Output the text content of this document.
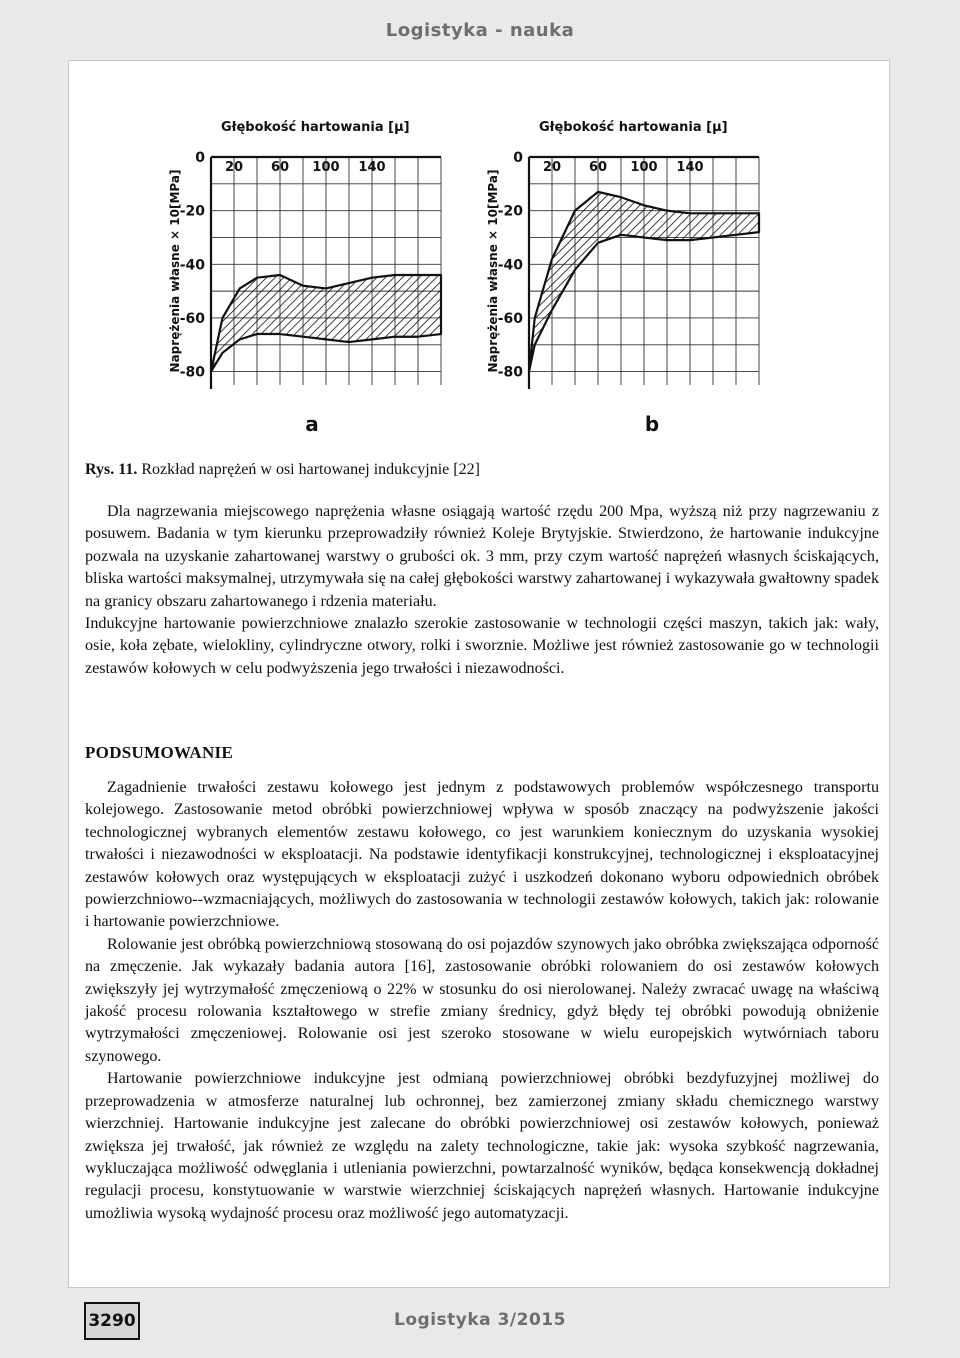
Logistyka - nauka
Głębokość hartowania [μ]
20 60 100 140
0
-20
-40
-60
-80
Naprężenia własne × 10[MPa]
a
Głębokość hartowania [μ]
20 60 100 140
0
-20
-40
-60
-80
Naprężenia własne × 10[MPa]
b
Rys. 11. Rozkład naprężeń w osi hartowanej indukcyjnie [22]

Dla nagrzewania miejscowego naprężenia własne osiągają wartość rzędu 200 Mpa, wyższą niż przy nagrzewaniu z posuwem. Badania w tym kierunku przeprowadziły również Koleje Brytyjskie. Stwierdzono, że hartowanie indukcyjne pozwala na uzyskanie zahartowanej warstwy o grubości ok. 3 mm, przy czym wartość naprężeń własnych ściskających, bliska wartości maksymalnej, utrzymywała się na całej głębokości warstwy zahartowanej i wykazywała gwałtowny spadek na granicy obszaru zahartowanego i rdzenia materiału.

Indukcyjne hartowanie powierzchniowe znalazło szerokie zastosowanie w technologii części maszyn, takich jak: wały, osie, koła zębate, wielokliny, cylindryczne otwory, rolki i sworznie. Możliwe jest również zastosowanie go w technologii zestawów kołowych w celu podwyższenia jego trwałości i niezawodności.

PODSUMOWANIE

Zagadnienie trwałości zestawu kołowego jest jednym z podstawowych problemów współczesnego transportu kolejowego. Zastosowanie metod obróbki powierzchniowej wpływa w sposób znaczący na podwyższenie jakości technologicznej wybranych elementów zestawu kołowego, co jest warunkiem koniecznym do uzyskania wysokiej trwałości i niezawodności w eksploatacji. Na podstawie identyfikacji konstrukcyjnej, technologicznej i eksploatacyjnej zestawów kołowych oraz występujących w eksploatacji zużyć i uszkodzeń dokonano wyboru odpowiednich obróbek powierzchniowo--wzmacniających, możliwych do zastosowania w technologii zestawów kołowych, takich jak: rolowanie i hartowanie powierzchniowe.

Rolowanie jest obróbką powierzchniową stosowaną do osi pojazdów szynowych jako obróbka zwiększająca odporność na zmęczenie. Jak wykazały badania autora [16], zastosowanie obróbki rolowaniem do osi zestawów kołowych zwiększyły jej wytrzymałość zmęczeniową o 22% w stosunku do osi nierolowanej. Należy zwracać uwagę na właściwą jakość procesu rolowania kształtowego w strefie zmiany średnicy, gdyż błędy tej obróbki powodują obniżenie wytrzymałości zmęczeniowej. Rolowanie osi jest szeroko stosowane w wielu europejskich wytwórniach taboru szynowego.

Hartowanie powierzchniowe indukcyjne jest odmianą powierzchniowej obróbki bezdyfuzyjnej możliwej do przeprowadzenia w atmosferze naturalnej lub ochronnej, bez zamierzonej zmiany składu chemicznego warstwy wierzchniej. Hartowanie indukcyjne jest zalecane do obróbki powierzchniowej osi zestawów kołowych, ponieważ zwiększa jej trwałość, jak również ze względu na zalety technologiczne, takie jak: wysoka szybkość nagrzewania, wykluczająca możliwość odwęglania i utleniania powierzchni, powtarzalność wyników, będąca konsekwencją dokładnej regulacji procesu, konstytuowanie w warstwie wierzchniej ściskających naprężeń własnych. Hartowanie indukcyjne umożliwia wysoką wydajność procesu oraz możliwość jego automatyzacji.

3290	Logistyka 3/2015
